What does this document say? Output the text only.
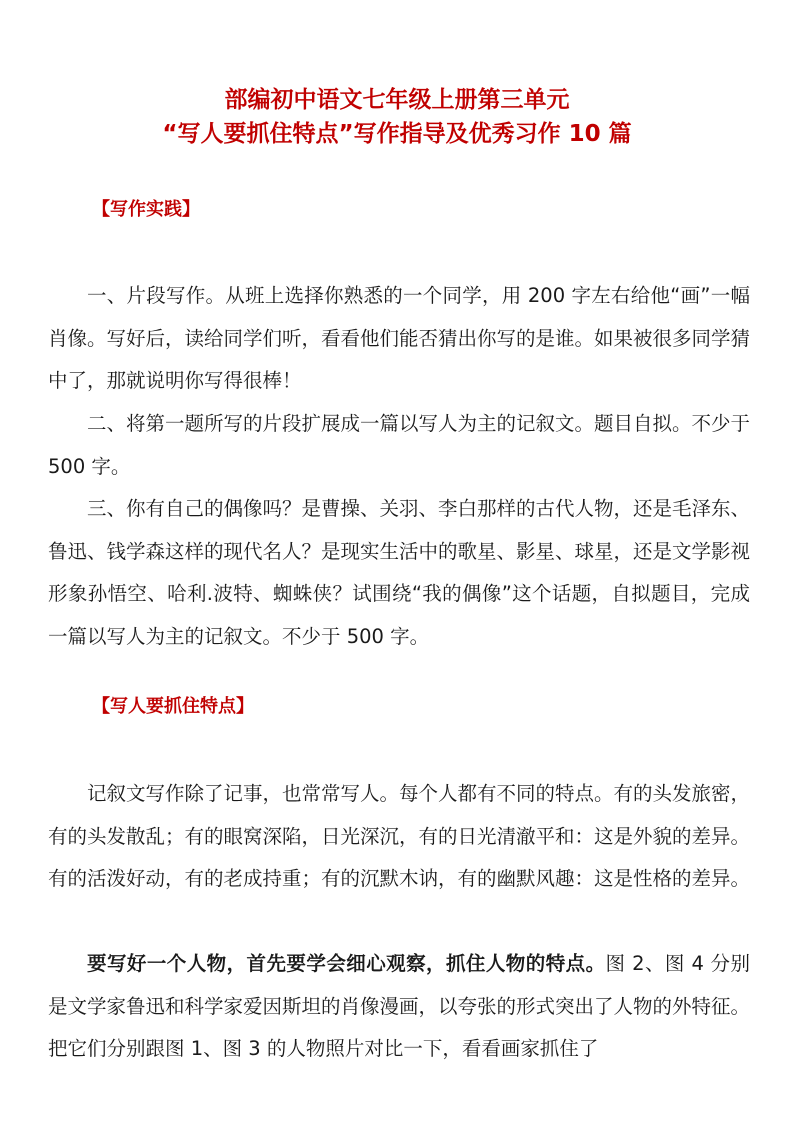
部编初中语文七年级上册第三单元
“写人要抓住特点”写作指导及优秀习作 10 篇
【写作实践】

一、片段写作。从班上选择你熟悉的一个同学，用 200 字左右给他“画”一幅肖像。写好后，读给同学们听，看看他们能否猜出你写的是谁。如果被很多同学猜中了，那就说明你写得很棒！

二、将第一题所写的片段扩展成一篇以写人为主的记叙文。题目自拟。不少于 500 字。

三、你有自己的偶像吗？是曹操、关羽、李白那样的古代人物，还是毛泽东、鲁迅、钱学森这样的现代名人？是现实生活中的歌星、影星、球星，还是文学影视形象孙悟空、哈利.波特、蜘蛛侠？试围绕“我的偶像”这个话题，自拟题目，完成一篇以写人为主的记叙文。不少于 500 字。

【写人要抓住特点】

记叙文写作除了记事，也常常写人。每个人都有不同的特点。有的头发旅密，有的头发散乱；有的眼窝深陷，日光深沉，有的日光清澈平和：这是外貌的差异。有的活泼好动，有的老成持重；有的沉默木讷，有的幽默风趣：这是性格的差异。

要写好一个人物，首先要学会细心观察，抓住人物的特点。图 2、图 4 分别是文学家鲁迅和科学家爱因斯坦的肖像漫画，以夸张的形式突出了人物的外特征。把它们分别跟图 1、图 3 的人物照片对比一下，看看画家抓住了
